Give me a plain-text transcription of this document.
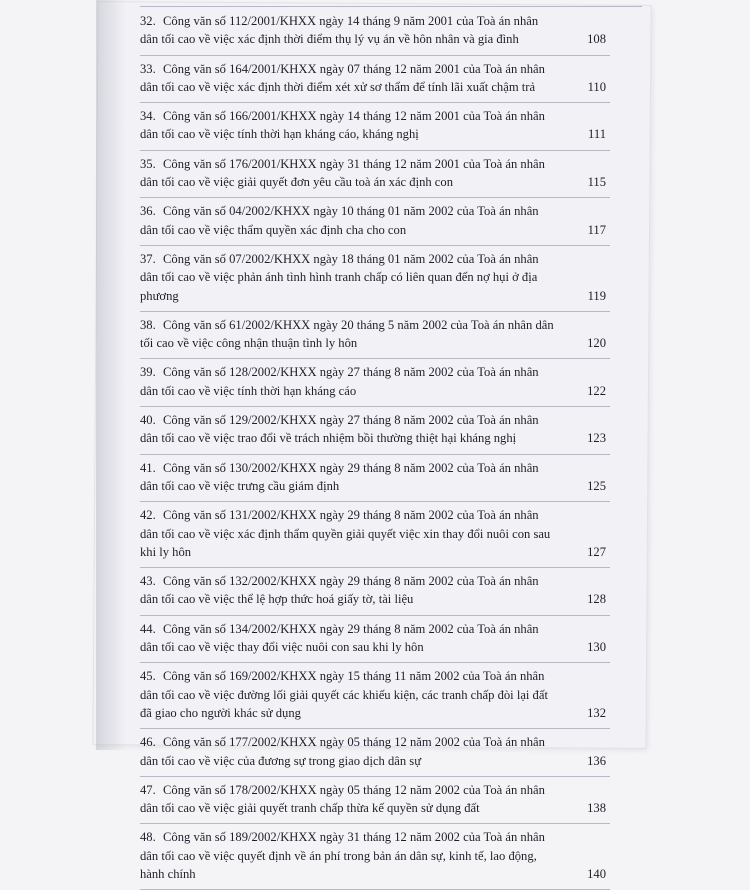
32. Công văn số 112/2001/KHXX ngày 14 tháng 9 năm 2001 của Toà án nhân dân tối cao về việc xác định thời điểm thụ lý vụ án về hôn nhân và gia đình	108
33. Công văn số 164/2001/KHXX ngày 07 tháng 12 năm 2001 của Toà án nhân dân tối cao về việc xác định thời điểm xét xử sơ thẩm để tính lãi xuất chậm trả	110
34. Công văn số 166/2001/KHXX ngày 14 tháng 12 năm 2001 của Toà án nhân dân tối cao về việc tính thời hạn kháng cáo, kháng nghị	111
35. Công văn số 176/2001/KHXX ngày 31 tháng 12 năm 2001 của Toà án nhân dân tối cao về việc giải quyết đơn yêu cầu toà án xác định con	115
36. Công văn số 04/2002/KHXX ngày 10 tháng 01 năm 2002 của Toà án nhân dân tối cao về việc thẩm quyền xác định cha cho con	117
37. Công văn số 07/2002/KHXX ngày 18 tháng 01 năm 2002 của Toà án nhân dân tối cao về việc phản ánh tình hình tranh chấp có liên quan đến nợ hụi ở địa phương	119
38. Công văn số 61/2002/KHXX ngày 20 tháng 5 năm 2002 của Toà án nhân dân tối cao về việc công nhận thuận tình ly hôn	120
39. Công văn số 128/2002/KHXX ngày 27 tháng 8 năm 2002 của Toà án nhân dân tối cao về việc tính thời hạn kháng cáo	122
40. Công văn số 129/2002/KHXX ngày 27 tháng 8 năm 2002 của Toà án nhân dân tối cao về việc trao đổi về trách nhiệm bồi thường thiệt hại kháng nghị	123
41. Công văn số 130/2002/KHXX ngày 29 tháng 8 năm 2002 của Toà án nhân dân tối cao về việc trưng cầu giám định	125
42. Công văn số 131/2002/KHXX ngày 29 tháng 8 năm 2002 của Toà án nhân dân tối cao về việc xác định thẩm quyền giải quyết việc xin thay đổi nuôi con sau khi ly hôn	127
43. Công văn số 132/2002/KHXX ngày 29 tháng 8 năm 2002 của Toà án nhân dân tối cao về việc thể lệ hợp thức hoá giấy tờ, tài liệu	128
44. Công văn số 134/2002/KHXX ngày 29 tháng 8 năm 2002 của Toà án nhân dân tối cao về việc thay đổi việc nuôi con sau khi ly hôn	130
45. Công văn số 169/2002/KHXX ngày 15 tháng 11 năm 2002 của Toà án nhân dân tối cao về việc đường lối giải quyết các khiếu kiện, các tranh chấp đòi lại đất đã giao cho người khác sử dụng	132
46. Công văn số 177/2002/KHXX ngày 05 tháng 12 năm 2002 của Toà án nhân dân tối cao về việc của đương sự trong giao dịch dân sự	136
47. Công văn số 178/2002/KHXX ngày 05 tháng 12 năm 2002 của Toà án nhân dân tối cao về việc giải quyết tranh chấp thừa kế quyền sử dụng đất	138
48. Công văn số 189/2002/KHXX ngày 31 tháng 12 năm 2002 của Toà án nhân dân tối cao về việc quyết định về án phí trong bản án dân sự, kinh tế, lao động, hành chính	140
